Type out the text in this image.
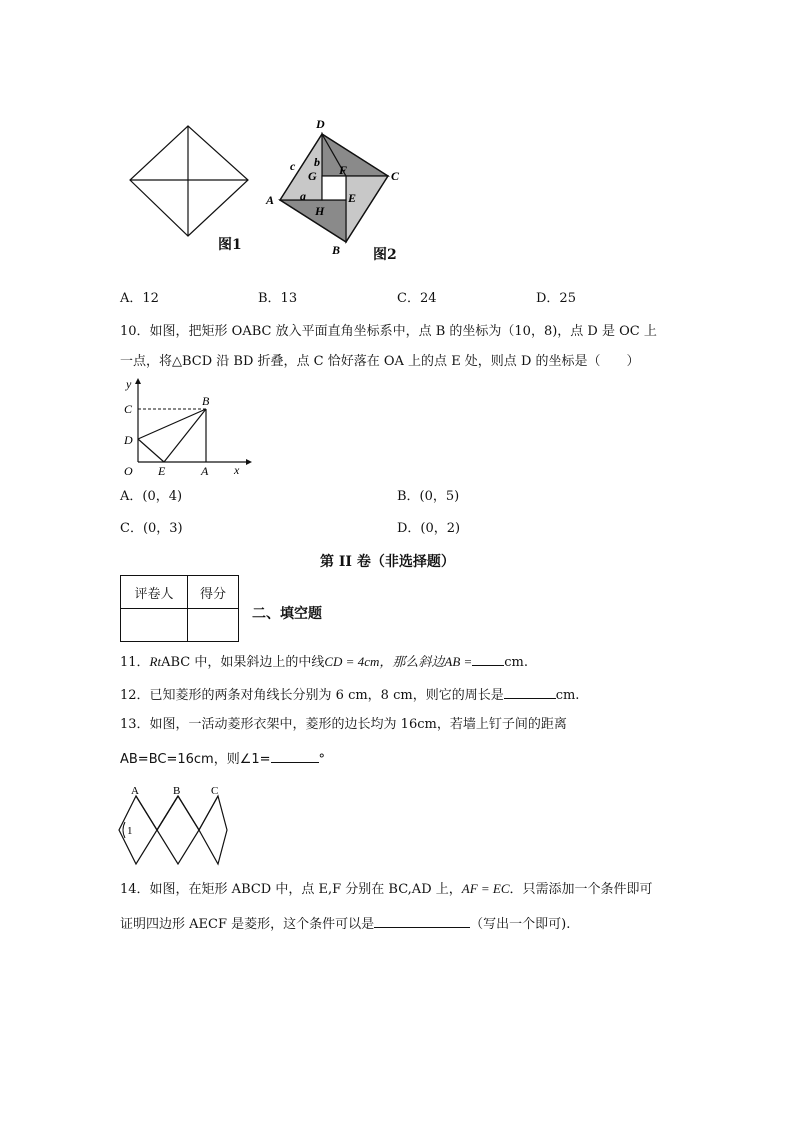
图1
D
C
A
B
F
G
E
H
a
b
c
图2
A．12	B．13	C．24	D．25
10．如图，把矩形 OABC 放入平面直角坐标系中，点 B 的坐标为（10，8)，点 D 是 OC 上
一点，将△BCD 沿 BD 折叠，点 C 恰好落在 OA 上的点 E 处，则点 D 的坐标是（　　）
y
x
O
C
D
E	A
B
A．(0，4)	B．(0，5)
C．(0，3)	D．(0，2)
第 II 卷（非选择题）
评卷人	得分

二、填空题
11．RtABC 中，如果斜边上的中线CD = 4cm，那么斜边AB = cm.
12．已知菱形的两条对角线长分别为 6 cm，8 cm，则它的周长是	cm.
13．如图，一活动菱形衣架中，菱形的边长均为 16cm，若墙上钉子间的距离
AB=BC=16cm，则∠1=	°
A	B	C
1
14．如图，在矩形 ABCD 中，点 E,F 分别在 BC,AD 上，AF = EC．只需添加一个条件即可
证明四边形 AECF 是菱形，这个条件可以是	（写出一个即可).
